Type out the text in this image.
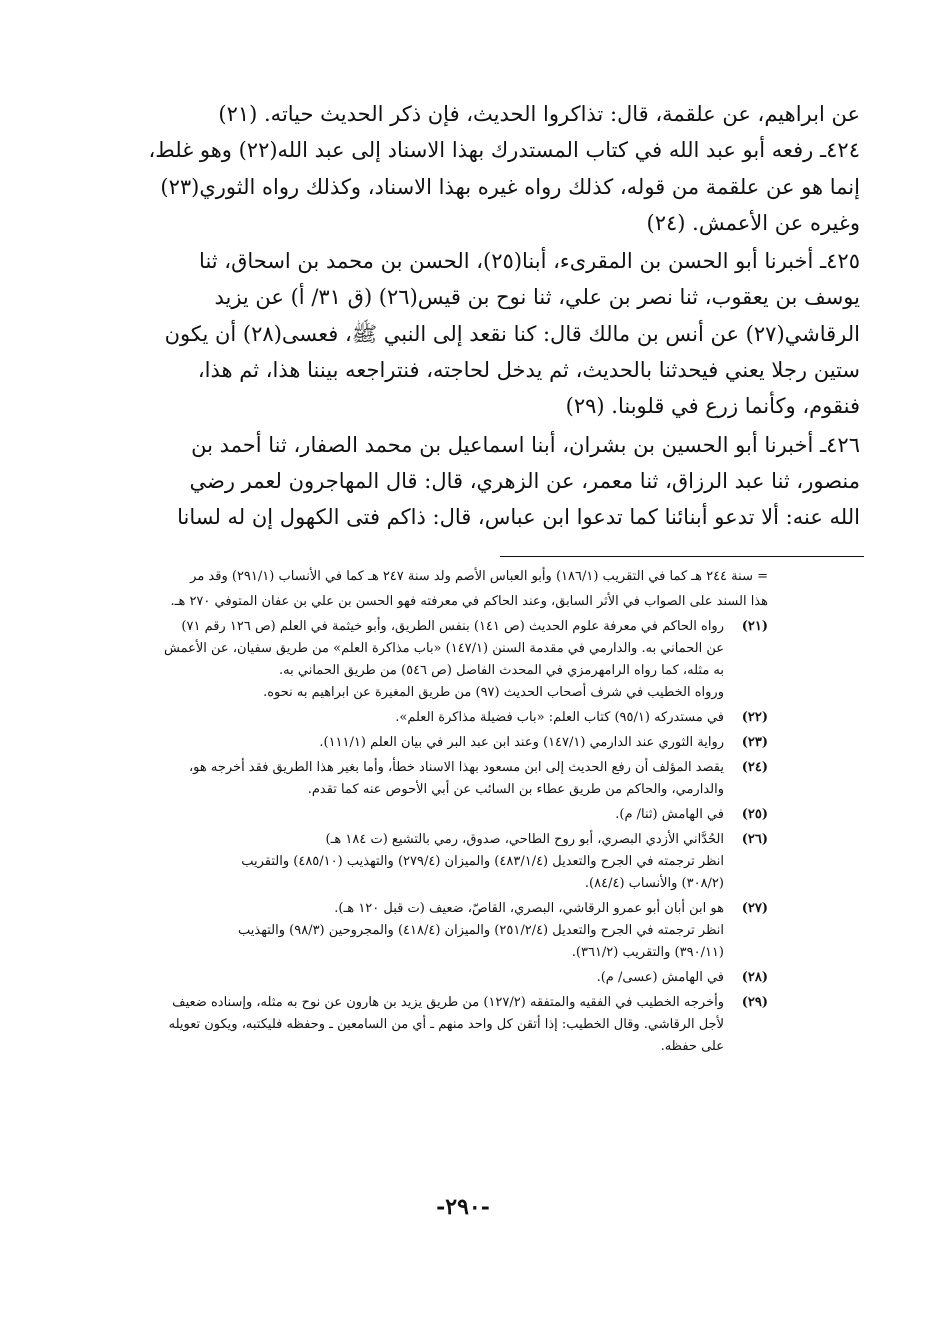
عن ابراهيم، عن علقمة، قال: تذاكروا الحديث، فإن ذكر الحديث حياته. (٢١)

٤٢٤ـ رفعه أبو عبد الله في كتاب المستدرك بهذا الاسناد إلى عبد الله(٢٢) وهو غلط،

إنما هو عن علقمة من قوله، كذلك رواه غيره بهذا الاسناد، وكذلك رواه الثوري(٢٣)

وغيره عن الأعمش. (٢٤)

٤٢٥ـ أخبرنا أبو الحسن بن المقرىء، أبنا(٢٥)، الحسن بن محمد بن اسحاق، ثنا

يوسف بن يعقوب، ثنا نصر بن علي، ثنا نوح بن قيس(٢٦) (ق ٣١/ أ) عن يزيد

الرقاشي(٢٧) عن أنس بن مالك قال: كنا نقعد إلى النبي ﷺ، فعسى(٢٨) أن يكون

ستين رجلا يعني فيحدثنا بالحديث، ثم يدخل لحاجته، فنتراجعه بيننا هذا، ثم هذا،

فنقوم، وكأنما زرع في قلوبنا. (٢٩)

٤٢٦ـ أخبرنا أبو الحسين بن بشران، أبنا اسماعيل بن محمد الصفار، ثنا أحمد بن

منصور، ثنا عبد الرزاق، ثنا معمر، عن الزهري، قال: قال المهاجرون لعمر رضي

الله عنه: ألا تدعو أبنائنا كما تدعوا ابن عباس، قال: ذاكم فتى الكهول إن له لسانا

= سنة ٢٤٤ هـ كما في التقريب (١٨٦/١) وأبو العباس الأصم ولد سنة ٢٤٧ هـ كما في الأنساب (٢٩١/١) وقد مر
هذا السند على الصواب في الأثر السابق، وعند الحاكم في معرفته فهو الحسن بن علي بن عفان المتوفي ٢٧٠ هـ.
(٢١)
رواه الحاكم في معرفة علوم الحديث (ص ١٤١) بنفس الطريق، وأبو خيثمة في العلم (ص ١٢٦ رقم ٧١)
عن الحماني به. والدارمي في مقدمة السنن (١٤٧/١) «باب مذاكرة العلم» من طريق سفيان، عن الأعمش
به مثله، كما رواه الرامهرمزي في المحدث الفاصل (ص ٥٤٦) من طريق الحماني به.
ورواه الخطيب في شرف أصحاب الحديث (٩٧) من طريق المغيرة عن ابراهيم به نحوه.
(٢٢)
في مستدركه (٩٥/١) كتاب العلم: «باب فضيلة مذاكرة العلم».
(٢٣)
رواية الثوري عند الدارمي (١٤٧/١) وعند ابن عبد البر في بيان العلم (١١١/١).
(٢٤)
يقصد المؤلف أن رفع الحديث إلى ابن مسعود بهذا الاسناد خطأ، وأما بغير هذا الطريق فقد أخرجه هو،
والدارمي، والحاكم من طريق عطاء بن السائب عن أبي الأحوص عنه كما تقدم.
(٢٥)
في الهامش (ثنا/ م).
(٢٦)
الحُدَّاني الأزدي البصري، أبو روح الطاحي، صدوق، رمي بالتشيع (ت ١٨٤ هـ)
انظر ترجمته في الجرح والتعديل (٤٨٣/١/٤) والميزان (٢٧٩/٤) والتهذيب (٤٨٥/١٠) والتقريب
(٣٠٨/٢) والأنساب (٨٤/٤).
(٢٧)
هو ابن أبان أبو عمرو الرقاشي، البصري، القاصّ، ضعيف (ت قبل ١٢٠ هـ).
انظر ترجمته في الجرح والتعديل (٢٥١/٢/٤) والميزان (٤١٨/٤) والمجروحين (٩٨/٣) والتهذيب
(٣٩٠/١١) والتقريب (٣٦١/٢).
(٢٨)
في الهامش (عسى/ م).
(٢٩)
وأخرجه الخطيب في الفقيه والمتفقه (١٢٧/٢) من طريق يزيد بن هارون عن نوح به مثله، وإسناده ضعيف
لأجل الرقاشي. وقال الخطيب: إذا أتقن كل واحد منهم ـ أي من السامعين ـ وحفظه فليكتبه، ويكون تعويله
على حفظه.
-٢٩٠-
